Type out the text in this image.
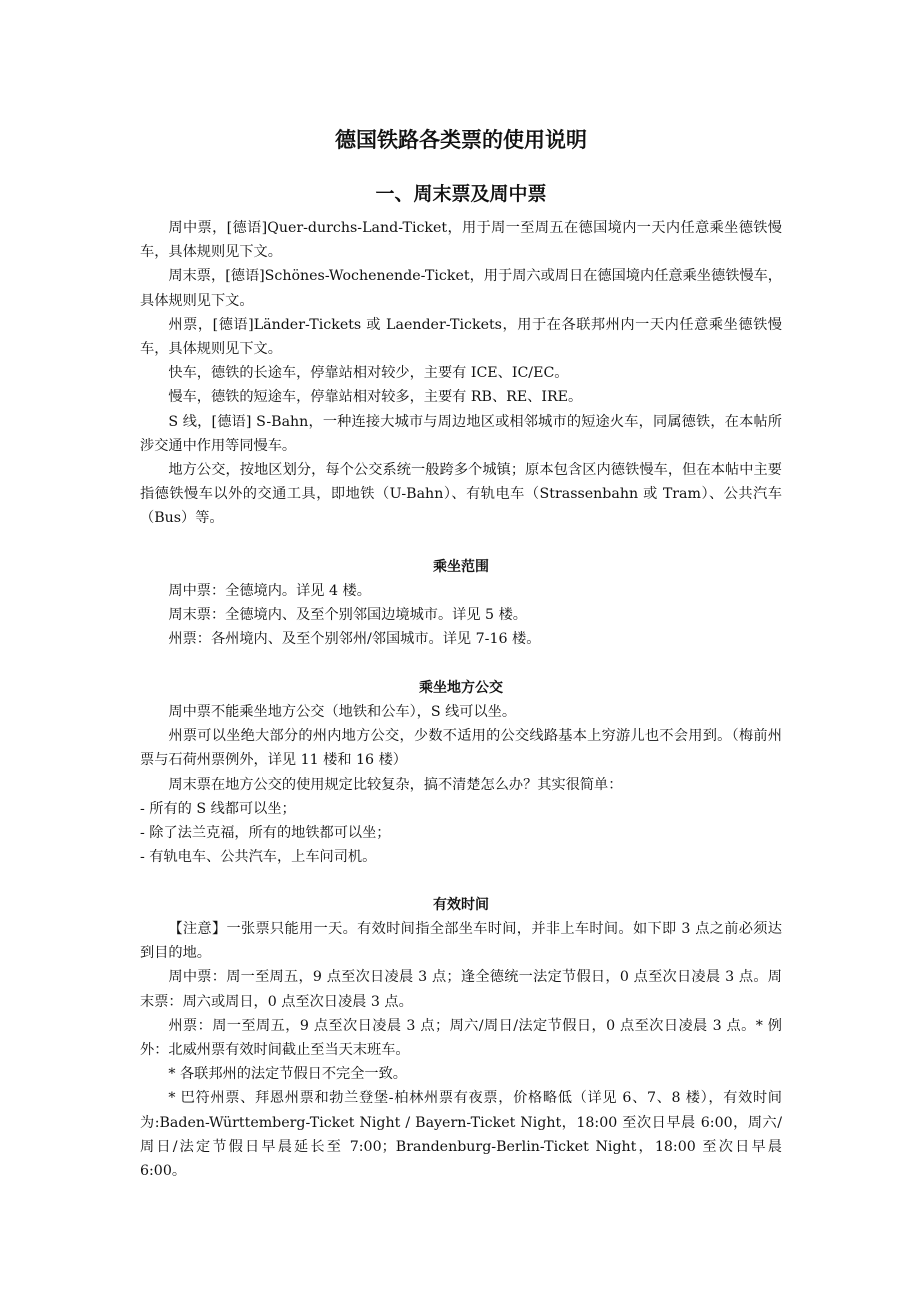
德国铁路各类票的使用说明
一、周末票及周中票

周中票，[德语]Quer-durchs-Land-Ticket，用于周一至周五在德国境内一天内任意乘坐德铁慢车，具体规则见下文。

周末票，[德语]Schönes-Wochenende-Ticket，用于周六或周日在德国境内任意乘坐德铁慢车，具体规则见下文。

州票，[德语]Länder-Tickets 或 Laender-Tickets，用于在各联邦州内一天内任意乘坐德铁慢车，具体规则见下文。

快车，德铁的长途车，停靠站相对较少，主要有 ICE、IC/EC。

慢车，德铁的短途车，停靠站相对较多，主要有 RB、RE、IRE。

S 线，[德语] S-Bahn，一种连接大城市与周边地区或相邻城市的短途火车，同属德铁，在本帖所涉交通中作用等同慢车。

地方公交，按地区划分，每个公交系统一般跨多个城镇；原本包含区内德铁慢车，但在本帖中主要指德铁慢车以外的交通工具，即地铁（U-Bahn）、有轨电车（Strassenbahn 或 Tram）、公共汽车（Bus）等。

乘坐范围

周中票：全德境内。详见 4 楼。

周末票：全德境内、及至个别邻国边境城市。详见 5 楼。

州票：各州境内、及至个别邻州/邻国城市。详见 7-16 楼。

乘坐地方公交

周中票不能乘坐地方公交（地铁和公车），S 线可以坐。

州票可以坐绝大部分的州内地方公交，少数不适用的公交线路基本上穷游儿也不会用到。（梅前州票与石荷州票例外，详见 11 楼和 16 楼）

周末票在地方公交的使用规定比较复杂，搞不清楚怎么办？其实很简单：

- 所有的 S 线都可以坐；

- 除了法兰克福，所有的地铁都可以坐；

- 有轨电车、公共汽车，上车问司机。

有效时间

【注意】一张票只能用一天。有效时间指全部坐车时间，并非上车时间。如下即 3 点之前必须达到目的地。

周中票：周一至周五，9 点至次日凌晨 3 点；逢全德统一法定节假日，0 点至次日凌晨 3 点。周末票：周六或周日，0 点至次日凌晨 3 点。

州票：周一至周五，9 点至次日凌晨 3 点；周六/周日/法定节假日，0 点至次日凌晨 3 点。* 例外：北威州票有效时间截止至当天末班车。

* 各联邦州的法定节假日不完全一致。

* 巴符州票、拜恩州票和勃兰登堡-柏林州票有夜票，价格略低（详见 6、7、8 楼），有效时间为:Baden-Württemberg-Ticket Night / Bayern-Ticket Night，18:00 至次日早晨 6:00，周六/周日/法定节假日早晨延长至 7:00；Brandenburg-Berlin-Ticket Night，18:00 至次日早晨 6:00。
